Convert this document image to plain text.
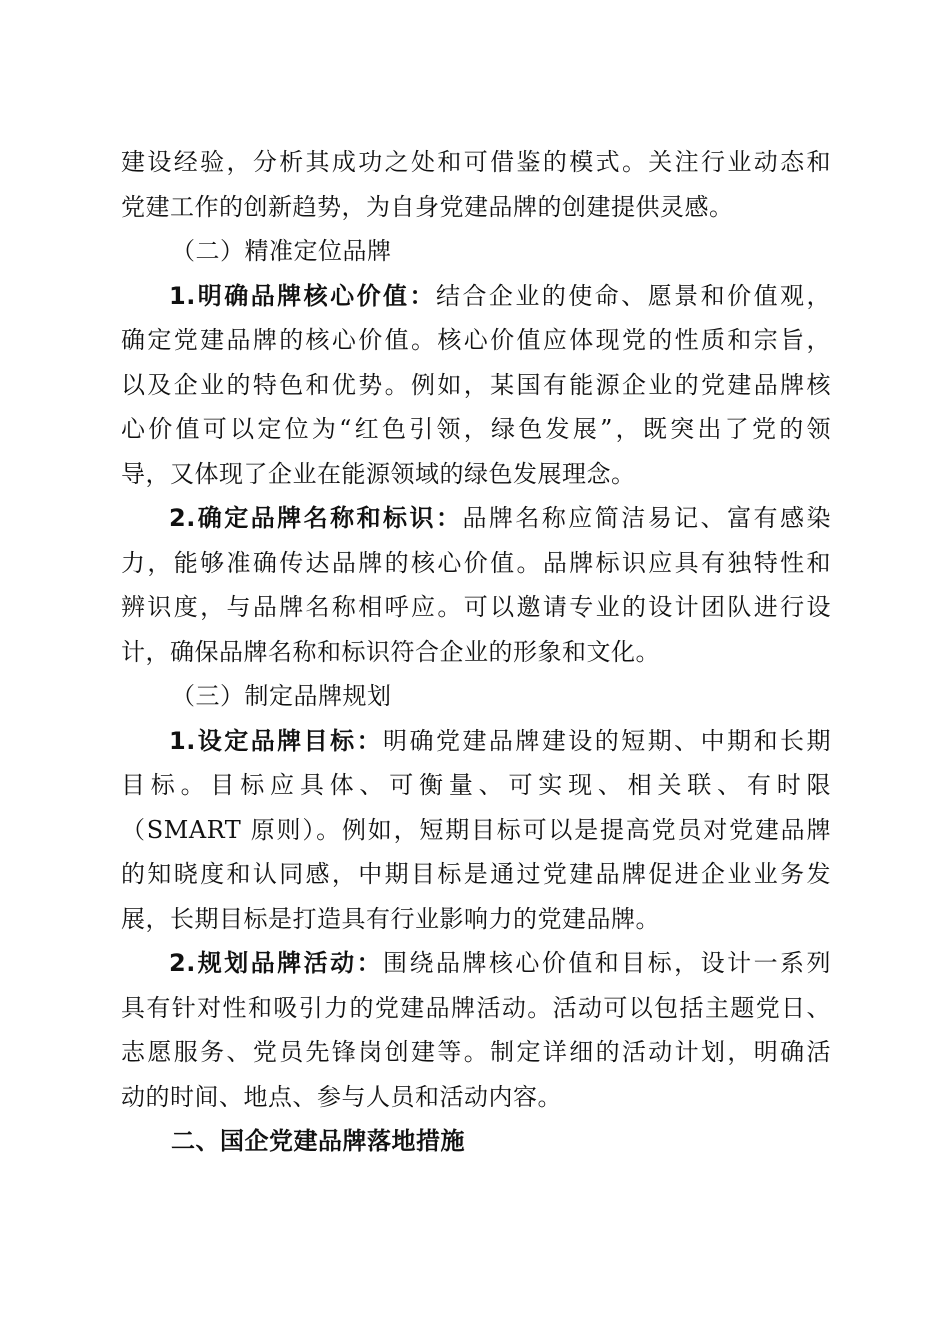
建设经验，分析其成功之处和可借鉴的模式。关注行业动态和
党建工作的创新趋势，为自身党建品牌的创建提供灵感。
（二）精准定位品牌
1.明确品牌核心价值：结合企业的使命、愿景和价值观，
确定党建品牌的核心价值。核心价值应体现党的性质和宗旨，
以及企业的特色和优势。例如，某国有能源企业的党建品牌核
心价值可以定位为“红色引领，绿色发展”，既突出了党的领
导，又体现了企业在能源领域的绿色发展理念。
2.确定品牌名称和标识：品牌名称应简洁易记、富有感染
力，能够准确传达品牌的核心价值。品牌标识应具有独特性和
辨识度，与品牌名称相呼应。可以邀请专业的设计团队进行设
计，确保品牌名称和标识符合企业的形象和文化。
（三）制定品牌规划
1.设定品牌目标：明确党建品牌建设的短期、中期和长期
目标。目标应具体、可衡量、可实现、相关联、有时限
（SMART 原则）。例如，短期目标可以是提高党员对党建品牌
的知晓度和认同感，中期目标是通过党建品牌促进企业业务发
展，长期目标是打造具有行业影响力的党建品牌。
2.规划品牌活动：围绕品牌核心价值和目标，设计一系列
具有针对性和吸引力的党建品牌活动。活动可以包括主题党日、
志愿服务、党员先锋岗创建等。制定详细的活动计划，明确活
动的时间、地点、参与人员和活动内容。
二、国企党建品牌落地措施
